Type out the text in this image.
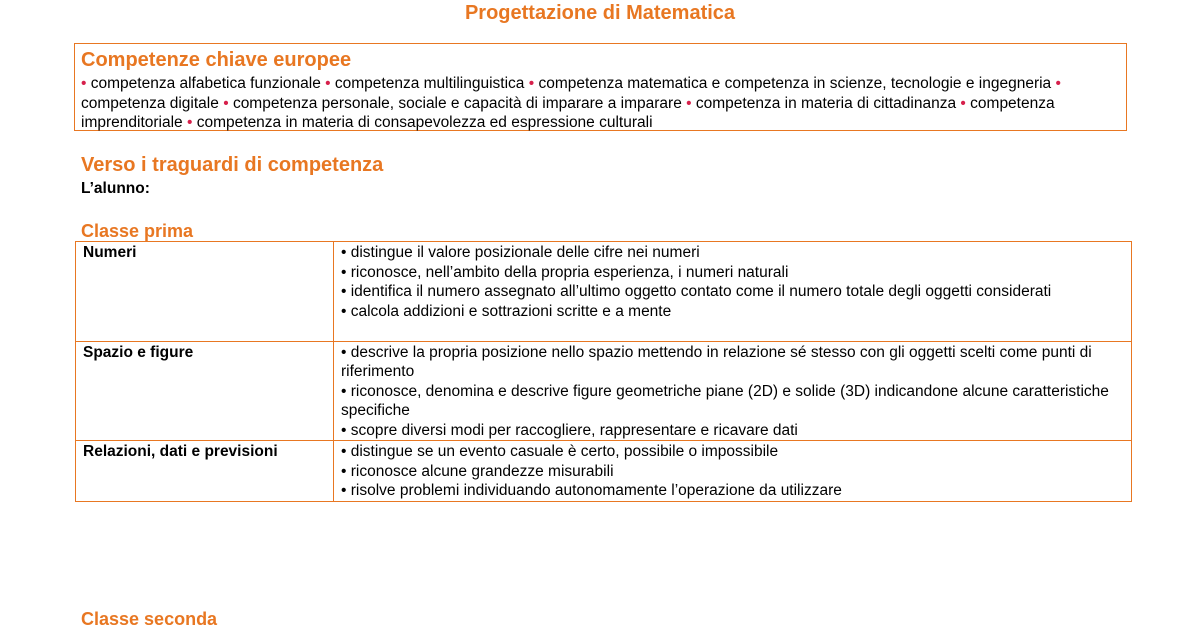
Progettazione di Matematica
Competenze chiave europee
• competenza alfabetica funzionale • competenza multilinguistica • competenza matematica e competenza in scienze, tecnologie e ingegneria • competenza digitale • competenza personale, sociale e capacità di imparare a imparare • competenza in materia di cittadinanza • competenza imprenditoriale • competenza in materia di consapevolezza ed espressione culturali
Verso i traguardi di competenza
L’alunno:
Classe prima
Numeri	• distingue il valore posizionale delle cifre nei numeri
• riconosce, nell’ambito della propria esperienza, i numeri naturali
• identifica il numero assegnato all’ultimo oggetto contato come il numero totale degli oggetti considerati
• calcola addizioni e sottrazioni scritte e a mente

Spazio e figure	• descrive la propria posizione nello spazio mettendo in relazione sé stesso con gli oggetti scelti come punti di riferimento
• riconosce, denomina e descrive figure geometriche piane (2D) e solide (3D) indicandone alcune caratteristiche specifiche
• scopre diversi modi per raccogliere, rappresentare e ricavare dati

Relazioni, dati e previsioni	• distingue se un evento casuale è certo, possibile o impossibile
• riconosce alcune grandezze misurabili
• risolve problemi individuando autonomamente l’operazione da utilizzare
Classe seconda
